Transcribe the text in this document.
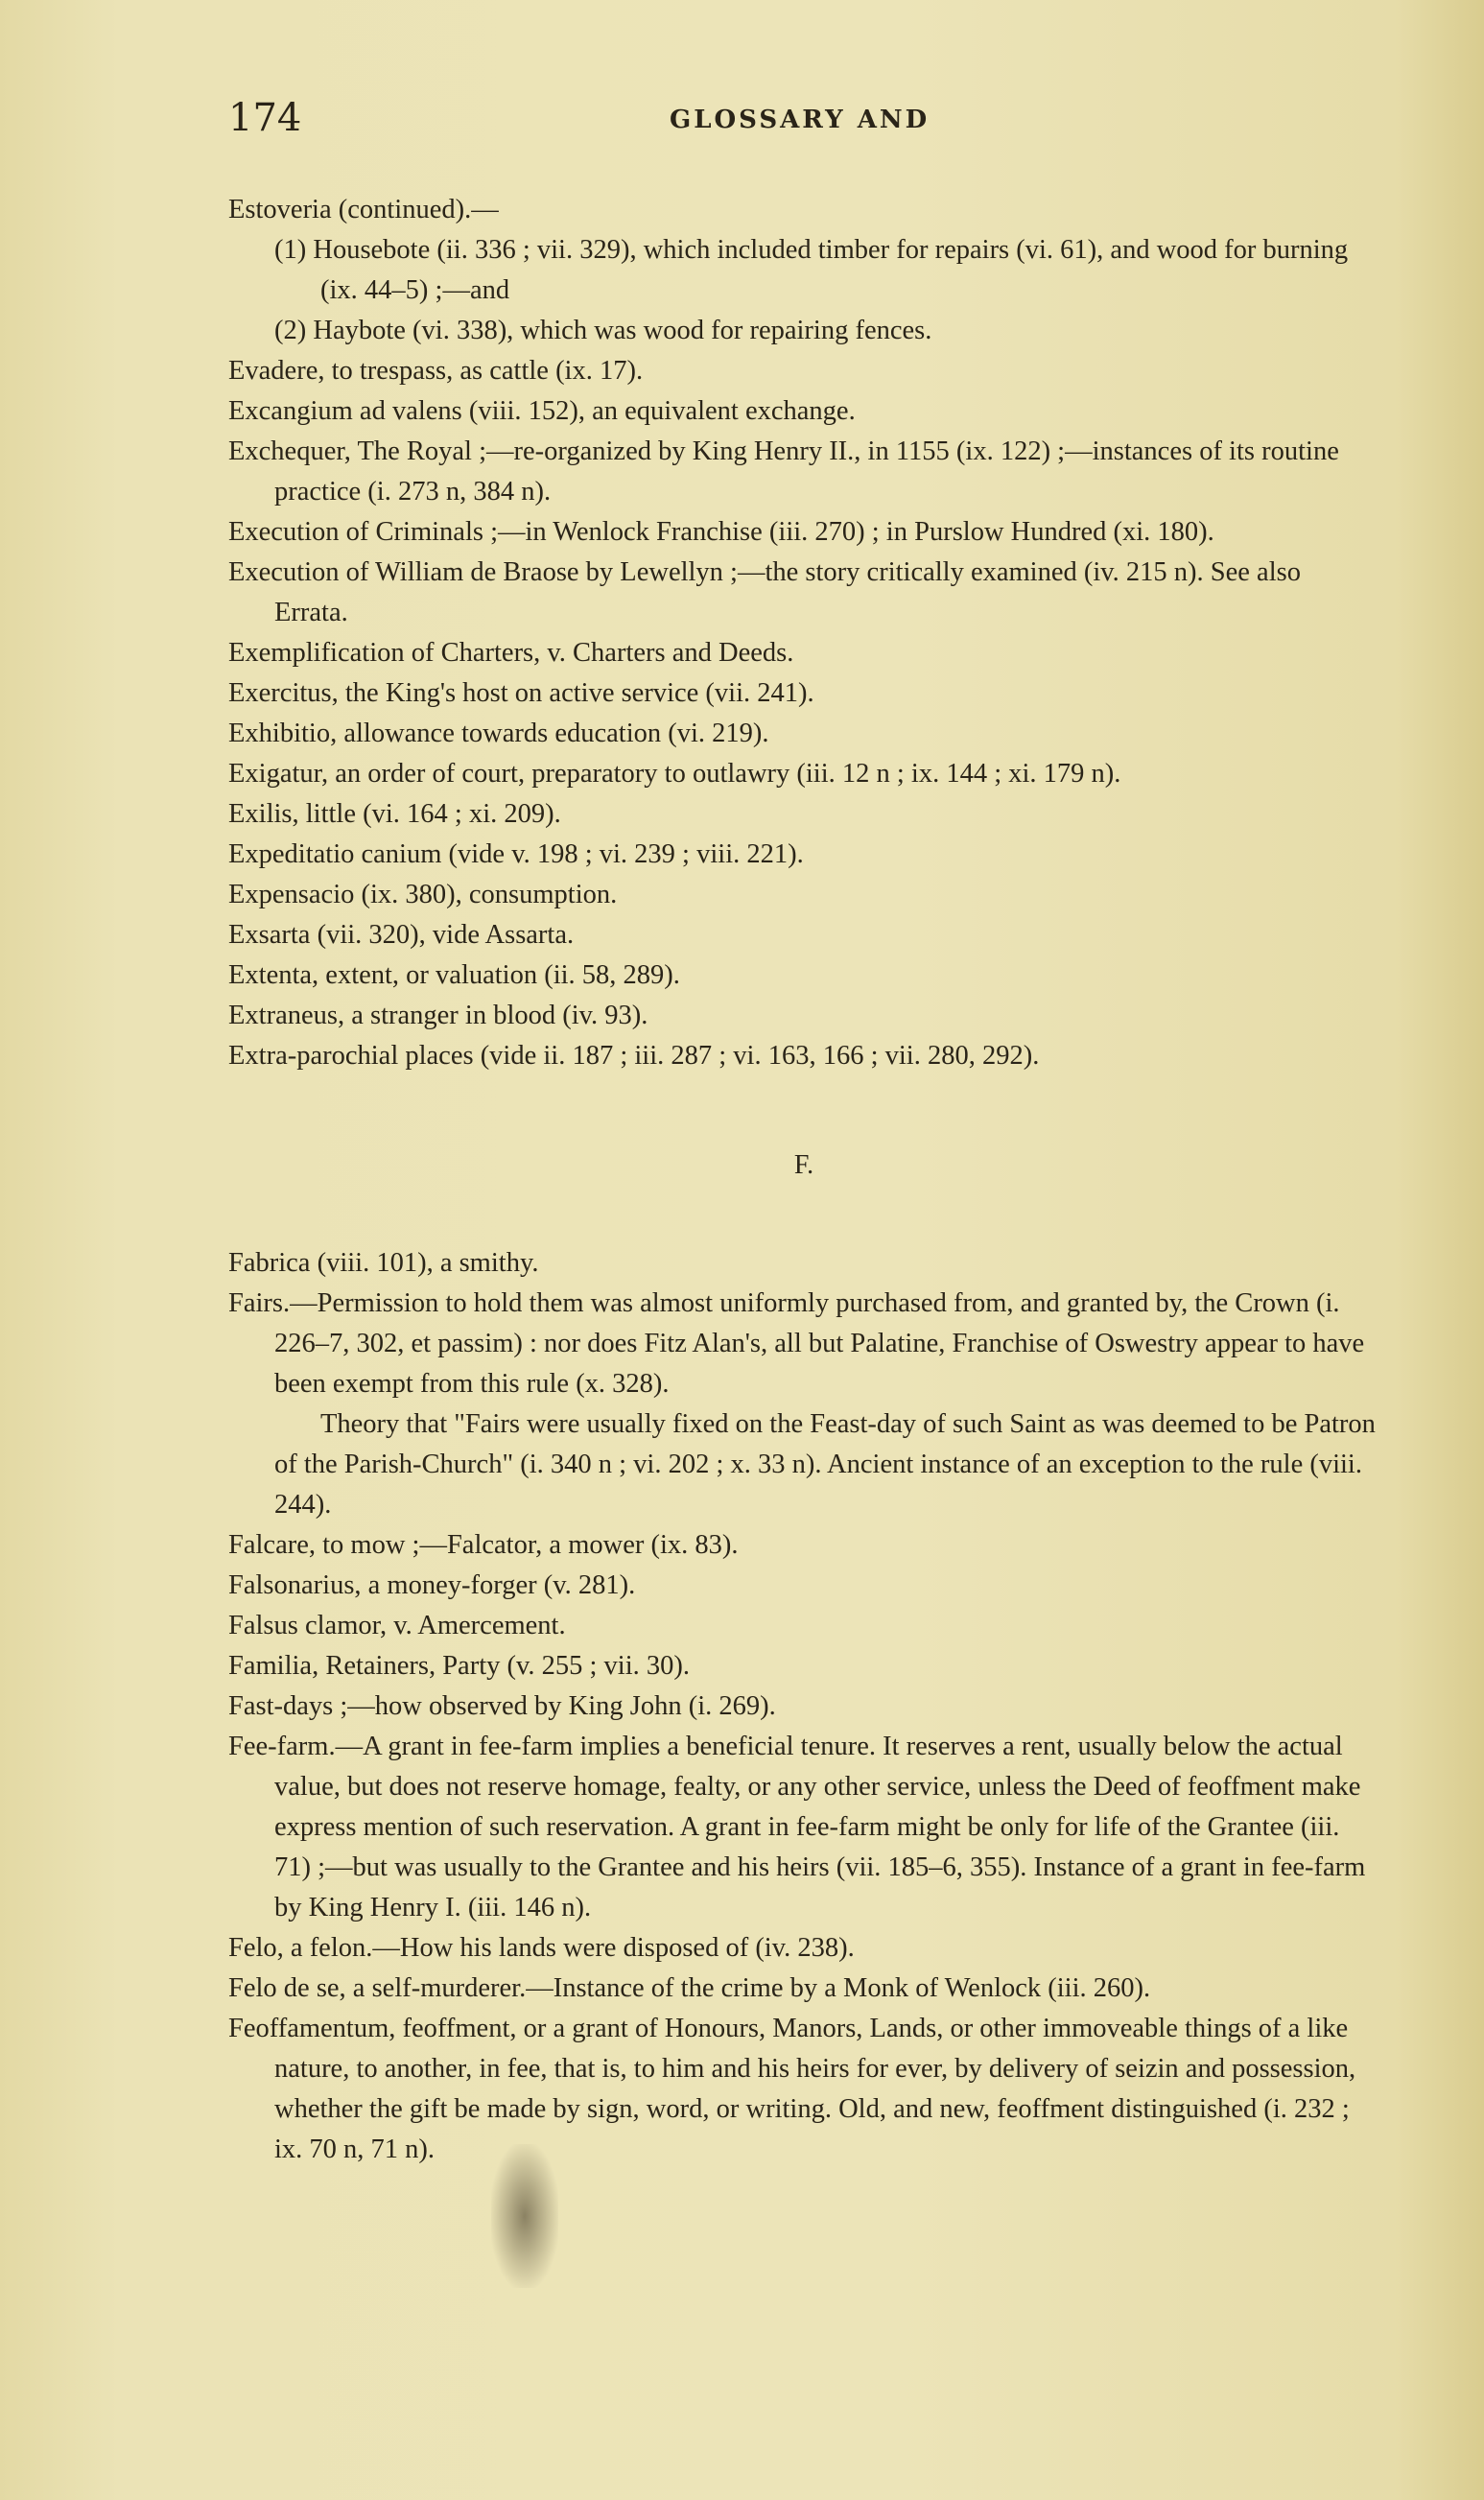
174	GLOSSARY AND

Estoveria (continued).—

(1) Housebote (ii. 336 ; vii. 329), which included timber for repairs (vi. 61), and wood for burning (ix. 44–5) ;—and

(2) Haybote (vi. 338), which was wood for repairing fences.

Evadere, to trespass, as cattle (ix. 17).

Excangium ad valens (viii. 152), an equivalent exchange.

Exchequer, The Royal ;—re-organized by King Henry II., in 1155 (ix. 122) ;—instances of its routine practice (i. 273 n, 384 n).

Execution of Criminals ;—in Wenlock Franchise (iii. 270) ; in Purslow Hundred (xi. 180).

Execution of William de Braose by Lewellyn ;—the story critically examined (iv. 215 n). See also Errata.

Exemplification of Charters, v. Charters and Deeds.

Exercitus, the King's host on active service (vii. 241).

Exhibitio, allowance towards education (vi. 219).

Exigatur, an order of court, preparatory to outlawry (iii. 12 n ; ix. 144 ; xi. 179 n).

Exilis, little (vi. 164 ; xi. 209).

Expeditatio canium (vide v. 198 ; vi. 239 ; viii. 221).

Expensacio (ix. 380), consumption.

Exsarta (vii. 320), vide Assarta.

Extenta, extent, or valuation (ii. 58, 289).

Extraneus, a stranger in blood (iv. 93).

Extra-parochial places (vide ii. 187 ; iii. 287 ; vi. 163, 166 ; vii. 280, 292).

F.

Fabrica (viii. 101), a smithy.

Fairs.—Permission to hold them was almost uniformly purchased from, and granted by, the Crown (i. 226–7, 302, et passim) : nor does Fitz Alan's, all but Palatine, Franchise of Oswestry appear to have been exempt from this rule (x. 328).

Theory that "Fairs were usually fixed on the Feast-day of such Saint as was deemed to be Patron of the Parish-Church" (i. 340 n ; vi. 202 ; x. 33 n). Ancient instance of an exception to the rule (viii. 244).

Falcare, to mow ;—Falcator, a mower (ix. 83).

Falsonarius, a money-forger (v. 281).

Falsus clamor, v. Amercement.

Familia, Retainers, Party (v. 255 ; vii. 30).

Fast-days ;—how observed by King John (i. 269).

Fee-farm.—A grant in fee-farm implies a beneficial tenure. It reserves a rent, usually below the actual value, but does not reserve homage, fealty, or any other service, unless the Deed of feoffment make express mention of such reservation. A grant in fee-farm might be only for life of the Grantee (iii. 71) ;—but was usually to the Grantee and his heirs (vii. 185–6, 355). Instance of a grant in fee-farm by King Henry I. (iii. 146 n).

Felo, a felon.—How his lands were disposed of (iv. 238).

Felo de se, a self-murderer.—Instance of the crime by a Monk of Wenlock (iii. 260).

Feoffamentum, feoffment, or a grant of Honours, Manors, Lands, or other immoveable things of a like nature, to another, in fee, that is, to him and his heirs for ever, by delivery of seizin and possession, whether the gift be made by sign, word, or writing. Old, and new, feoffment distinguished (i. 232 ; ix. 70 n, 71 n).
